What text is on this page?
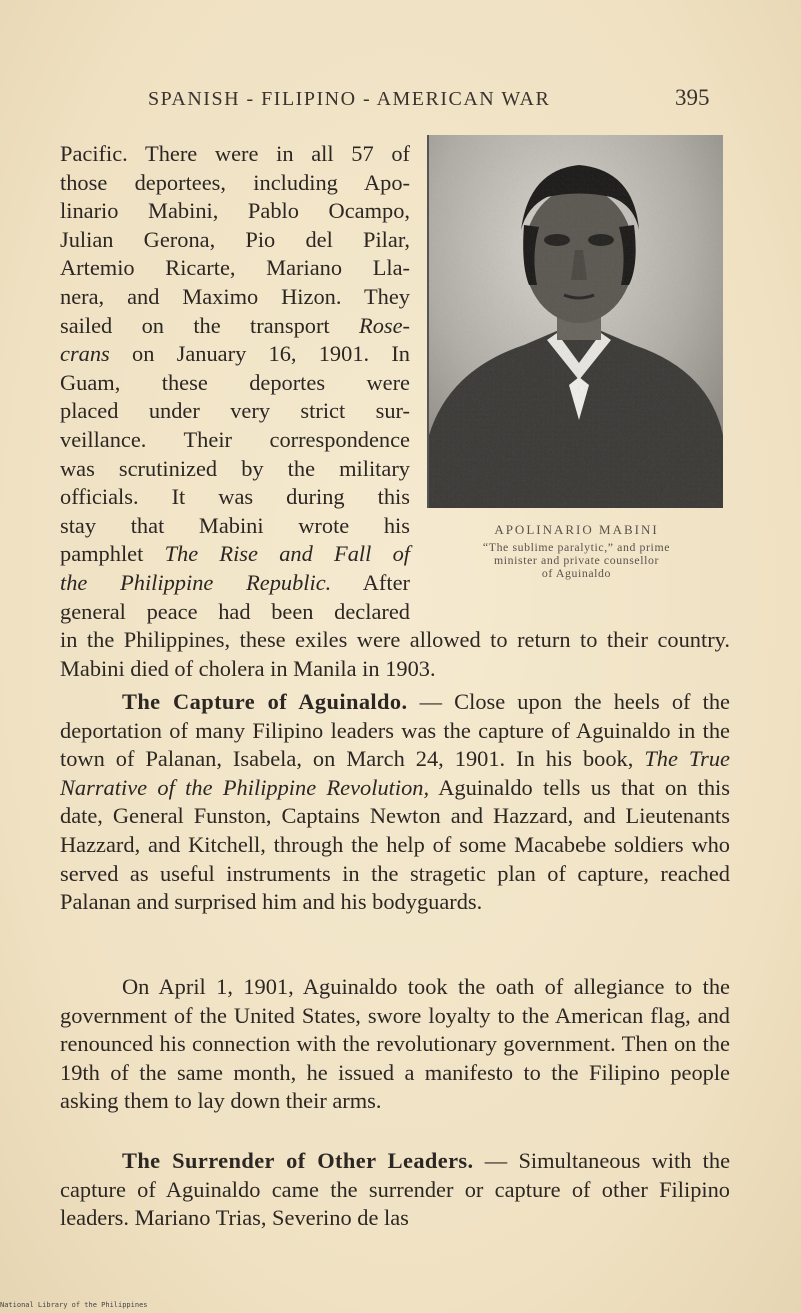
SPANISH - FILIPINO - AMERICAN WAR	395
Pacific. There were in all 57 of
those deportees, including Apo-
linario Mabini, Pablo Ocampo,
Julian Gerona, Pio del Pilar,
Artemio Ricarte, Mariano Lla-
nera, and Maximo Hizon. They
sailed on the transport Rose-
crans on January 16, 1901. In
Guam, these deportes were
placed under very strict sur-
veillance. Their correspondence
was scrutinized by the military
officials. It was during this
stay that Mabini wrote his
pamphlet The Rise and Fall of
the Philippine Republic. After
general peace had been declared
APOLINARIO MABINI
“The sublime paralytic,” and prime
minister and private counsellor
of Aguinaldo

in the Philippines, these exiles were allowed to return to their country. Mabini died of cholera in Manila in 1903.

The Capture of Aguinaldo. — Close upon the heels of the deportation of many Filipino leaders was the capture of Aguinaldo in the town of Palanan, Isabela, on March 24, 1901. In his book, The True Narrative of the Philippine Revolution, Aguinaldo tells us that on this date, General Funston, Captains Newton and Hazzard, and Lieutenants Hazzard, and Kitchell, through the help of some Macabebe soldiers who served as useful instruments in the stragetic plan of capture, reached Palanan and surprised him and his bodyguards.

On April 1, 1901, Aguinaldo took the oath of allegiance to the government of the United States, swore loyalty to the American flag, and renounced his connection with the revolutionary government. Then on the 19th of the same month, he issued a manifesto to the Filipino people asking them to lay down their arms.

The Surrender of Other Leaders. — Simultaneous with the capture of Aguinaldo came the surrender or capture of other Filipino leaders. Mariano Trias, Severino de las

National Library of the Philippines
